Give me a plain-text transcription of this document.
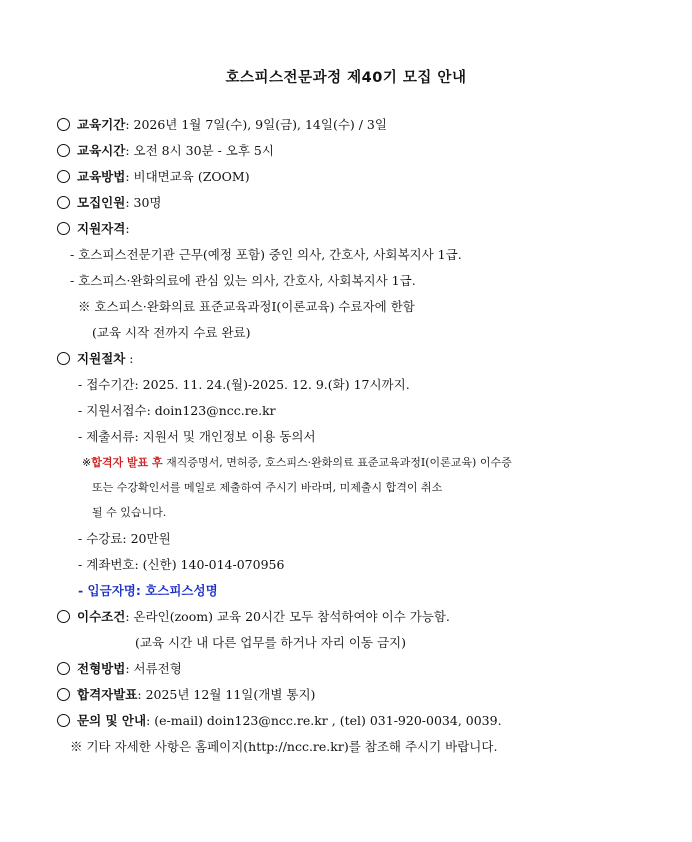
호스피스전문과정 제40기 모집 안내
교육기간: 2026년 1월 7일(수), 9일(금), 14일(수) / 3일
교육시간: 오전 8시 30분 - 오후 5시
교육방법: 비대면교육 (ZOOM)
모집인원: 30명
지원자격:
- 호스피스전문기관 근무(예정 포함) 중인 의사, 간호사, 사회복지사 1급.
- 호스피스·완화의료에 관심 있는 의사, 간호사, 사회복지사 1급.
※ 호스피스·완화의료 표준교육과정Ⅰ(이론교육) 수료자에 한함
(교육 시작 전까지 수료 완료)
지원절차 :
- 접수기간: 2025. 11. 24.(월)-2025. 12. 9.(화) 17시까지.
- 지원서접수: doin123@ncc.re.kr
- 제출서류: 지원서 및 개인정보 이용 동의서
※합격자 발표 후 재직증명서, 면허증, 호스피스·완화의료 표준교육과정Ⅰ(이론교육) 이수증
또는 수강확인서를 메일로 제출하여 주시기 바라며, 미제출시 합격이 취소
될 수 있습니다.
- 수강료: 20만원
- 계좌번호: (신한) 140-014-070956
- 입금자명: 호스피스성명
이수조건: 온라인(zoom) 교육 20시간 모두 참석하여야 이수 가능함.
(교육 시간 내 다른 업무를 하거나 자리 이동 금지)
전형방법: 서류전형
합격자발표: 2025년 12월 11일(개별 통지)
문의 및 안내: (e-mail) doin123@ncc.re.kr , (tel) 031-920-0034, 0039.
※ 기타 자세한 사항은 홈페이지(http://ncc.re.kr)를 참조해 주시기 바랍니다.
